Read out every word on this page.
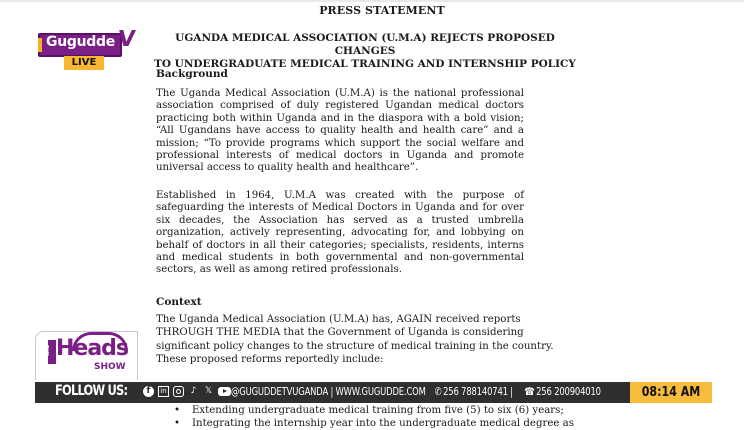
PRESS STATEMENT
UGANDA MEDICAL ASSOCIATION (U.M.A) REJECTS PROPOSED CHANGES
TO UNDERGRADUATE MEDICAL TRAINING AND INTERNSHIP POLICY
Background
The Uganda Medical Association (U.M.A) is the national professional association comprised of duly registered Ugandan medical doctors practicing both within Uganda and in the diaspora with a bold vision; “All Ugandans have access to quality health and health care” and a mission; “To provide programs which support the social welfare and professional interests of medical doctors in Uganda and promote universal access to quality health and healthcare”.
Established in 1964, U.M.A was created with the purpose of safeguarding the interests of Medical Doctors in Uganda and for over six decades, the Association has served as a trusted umbrella organization, actively representing, advocating for, and lobbying on behalf of doctors in all their categories; specialists, residents, interns and medical students in both governmental and non-governmental sectors, as well as among retired professionals.
Context
The Uganda Medical Association (U.M.A) has, AGAIN received reports
THROUGH THE MEDIA that the Government of Uganda is considering
significant policy changes to the structure of medical training in the country.
These proposed reforms reportedly include:
• Extending undergraduate medical training from five (5) to six (6) years;
• Integrating the internship year into the undergraduate medical degree as
Gugudde V
LIVE
the Heads
SHOW
FOLLOW US:	f	in	♪ 𝕏 @GUGUDDETVUGANDA | WWW.GUGUDDE.COM ✆ 256 788140741 | ☎ 256 200904010	08:14 AM
